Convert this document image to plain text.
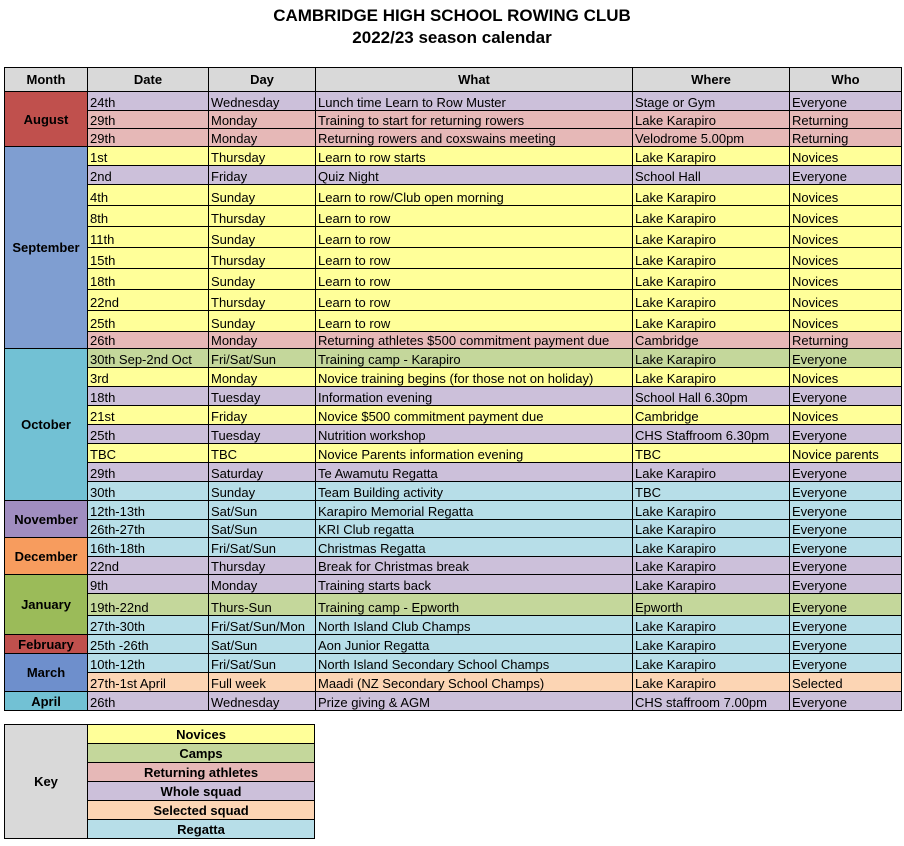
CAMBRIDGE HIGH SCHOOL ROWING CLUB
2022/23 season calendar
Month	Date	Day	What	Where	Who
August	24th	Wednesday	Lunch time Learn to Row Muster	Stage or Gym	Everyone
	29th	Monday	Training to start for returning rowers	Lake Karapiro	Returning
	29th	Monday	Returning rowers and coxswains meeting	Velodrome 5.00pm	Returning
September	1st	Thursday	Learn to row starts	Lake Karapiro	Novices
	2nd	Friday	Quiz Night	School Hall	Everyone
	4th	Sunday	Learn to row/Club open morning	Lake Karapiro	Novices
	8th	Thursday	Learn to row	Lake Karapiro	Novices
	11th	Sunday	Learn to row	Lake Karapiro	Novices
	15th	Thursday	Learn to row	Lake Karapiro	Novices
	18th	Sunday	Learn to row	Lake Karapiro	Novices
	22nd	Thursday	Learn to row	Lake Karapiro	Novices
	25th	Sunday	Learn to row	Lake Karapiro	Novices
	26th	Monday	Returning athletes $500 commitment payment due	Cambridge	Returning
October	30th Sep-2nd Oct	Fri/Sat/Sun	Training camp - Karapiro	Lake Karapiro	Everyone
	3rd	Monday	Novice training begins (for those not on holiday)	Lake Karapiro	Novices
	18th	Tuesday	Information evening	School Hall 6.30pm	Everyone
	21st	Friday	Novice $500 commitment payment due	Cambridge	Novices
	25th	Tuesday	Nutrition workshop	CHS Staffroom 6.30pm	Everyone
	TBC	TBC	Novice Parents information evening	TBC	Novice parents
	29th	Saturday	Te Awamutu Regatta	Lake Karapiro	Everyone
	30th	Sunday	Team Building activity	TBC	Everyone
November	12th-13th	Sat/Sun	Karapiro Memorial Regatta	Lake Karapiro	Everyone
	26th-27th	Sat/Sun	KRI Club regatta	Lake Karapiro	Everyone
December	16th-18th	Fri/Sat/Sun	Christmas Regatta	Lake Karapiro	Everyone
	22nd	Thursday	Break for Christmas break	Lake Karapiro	Everyone
January	9th	Monday	Training starts back	Lake Karapiro	Everyone
	19th-22nd	Thurs-Sun	Training camp - Epworth	Epworth	Everyone
	27th-30th	Fri/Sat/Sun/Mon	North Island Club Champs	Lake Karapiro	Everyone
February	25th -26th	Sat/Sun	Aon Junior Regatta	Lake Karapiro	Everyone
March	10th-12th	Fri/Sat/Sun	North Island Secondary School Champs	Lake Karapiro	Everyone
	27th-1st April	Full week	Maadi (NZ Secondary School Champs)	Lake Karapiro	Selected
April	26th	Wednesday	Prize giving & AGM	CHS staffroom 7.00pm	Everyone
Key	Novices
Camps
Returning athletes
Whole squad
Selected squad
Regatta
